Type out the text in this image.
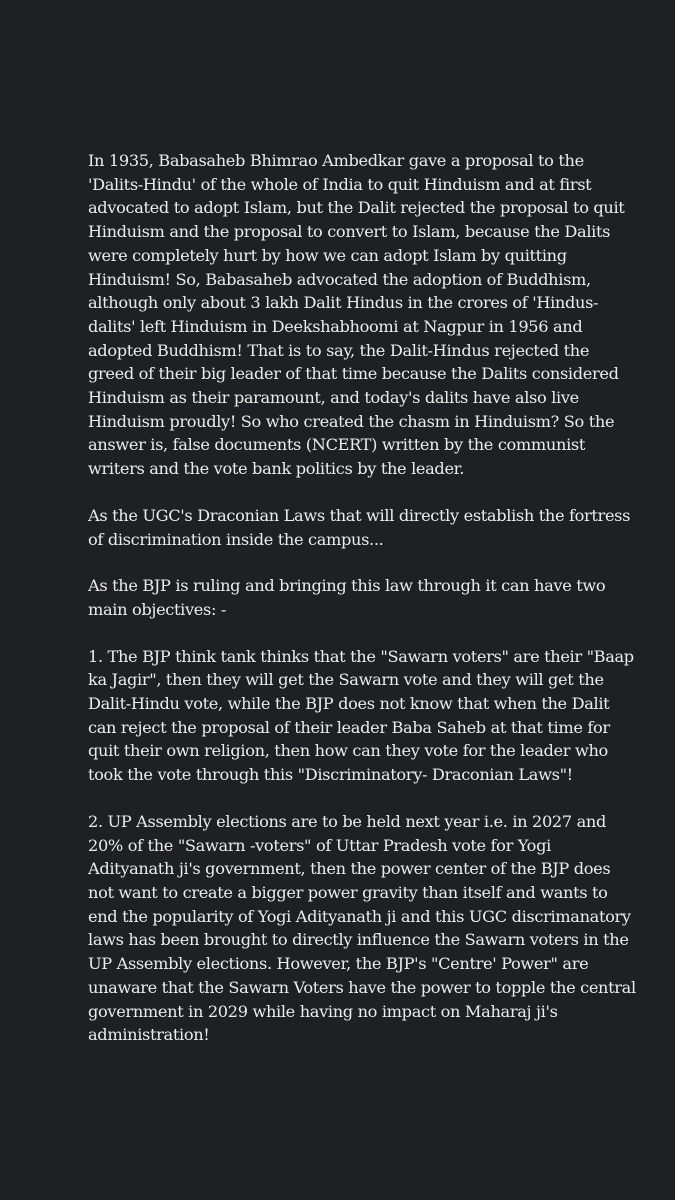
In 1935, Babasaheb Bhimrao Ambedkar gave a proposal to the 'Dalits-Hindu' of the whole of India to quit Hinduism and at first advocated to adopt Islam, but the Dalit rejected the proposal to quit Hinduism and the proposal to convert to Islam, because the Dalits were completely hurt by how we can adopt Islam by quitting Hinduism! So, Babasaheb advocated the adoption of Buddhism, although only about 3 lakh Dalit Hindus in the crores of 'Hindus-dalits' left Hinduism in Deekshabhoomi at Nagpur in 1956 and adopted Buddhism! That is to say, the Dalit-Hindus rejected the greed of their big leader of that time because the Dalits considered Hinduism as their paramount, and today's dalits have also live Hinduism proudly! So who created the chasm in Hinduism? So the answer is, false documents (NCERT) written by the communist writers and the vote bank politics by the leader.

As the UGC's Draconian Laws that will directly establish the fortress of discrimination inside the campus...

As the BJP is ruling and bringing this law through it can have two main objectives: -

1. The BJP think tank thinks that the "Sawarn voters" are their "Baap ka Jagir", then they will get the Sawarn vote and they will get the Dalit-Hindu vote, while the BJP does not know that when the Dalit can reject the proposal of their leader Baba Saheb at that time for quit their own religion, then how can they vote for the leader who took the vote through this "Discriminatory- Draconian Laws"!

2. UP Assembly elections are to be held next year i.e. in 2027 and 20% of the "Sawarn -voters" of Uttar Pradesh vote for Yogi Adityanath ji's government, then the power center of the BJP does not want to create a bigger power gravity than itself and wants to end the popularity of Yogi Adityanath ji and this UGC discrimanatory laws has been brought to directly influence the Sawarn voters in the UP Assembly elections. However, the BJP's "Centre' Power" are unaware that the Sawarn Voters have the power to topple the central government in 2029 while having no impact on Maharaj ji's administration!
